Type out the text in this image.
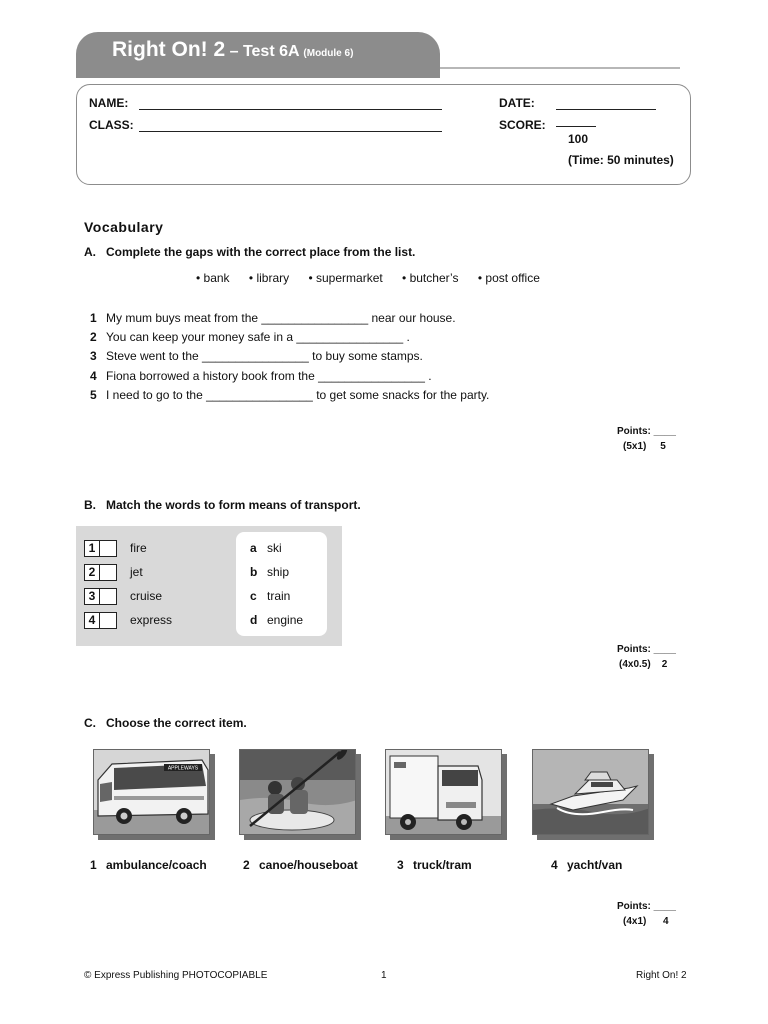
Right On! 2 – Test 6A (Module 6)
NAME:
CLASS:
DATE:
SCORE:
100
(Time: 50 minutes)
Vocabulary
A. Complete the gaps with the correct place from the list.
• bank • library • supermarket • butcher’s • post office
1 My mum buys meat from the ________________ near our house.
2 You can keep your money safe in a ________________ .
3 Steve went to the ________________ to buy some stamps.
4 Fiona borrowed a history book from the ________________ .
5 I need to go to the ________________ to get some snacks for the party.
Points: ____
(5x1)     5
B. Match the words to form means of transport.
1	fire
2	jet
3	cruise
4	express
a ski
b ship
c train
d engine
Points: ____
(4x0.5)    2
C. Choose the correct item.
APPLEWAYS
1 ambulance/coach	2 canoe/houseboat	3 truck/tram	4 yacht/van
Points: ____
(4x1)      4
© Express Publishing PHOTOCOPIABLE	1	Right On! 2
